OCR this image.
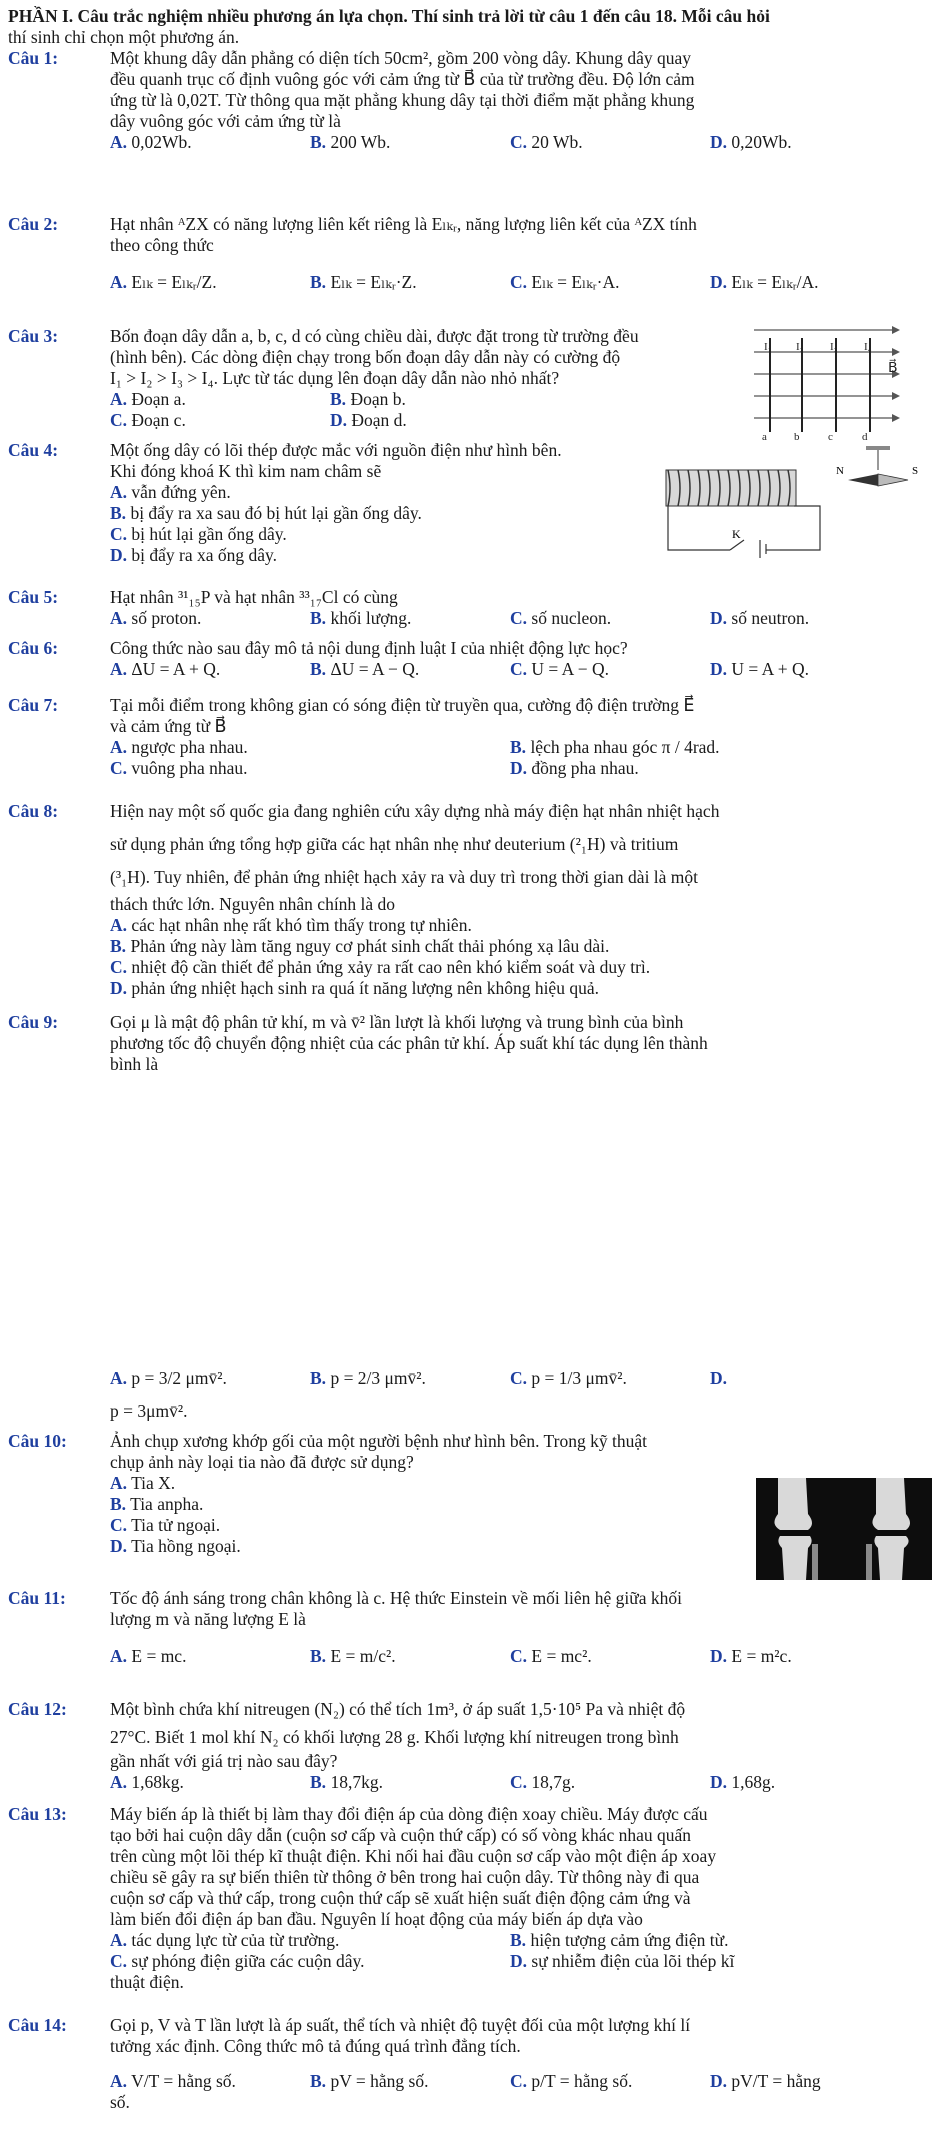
PHẦN I. Câu trắc nghiệm nhiều phương án lựa chọn. Thí sinh trả lời từ câu 1 đến câu 18. Mỗi câu hỏi
thí sinh chỉ chọn một phương án.
Câu 1:	Một khung dây dẫn phẳng có diện tích 50cm², gồm 200 vòng dây. Khung dây quay
đều quanh trục cố định vuông góc với cảm ứng từ B⃗ của từ trường đều. Độ lớn cảm
ứng từ là 0,02T. Từ thông qua mặt phẳng khung dây tại thời điểm mặt phẳng khung
dây vuông góc với cảm ứng từ là
A. 0,02Wb.	B. 200 Wb.	C. 20 Wb.	D. 0,20Wb.
Câu 2:	Hạt nhân ᴬZX có năng lượng liên kết riêng là Eₗₖᵣ, năng lượng liên kết của ᴬZX tính
theo công thức
A. Eₗₖ = Eₗₖᵣ/Z.	B. Eₗₖ = Eₗₖᵣ·Z.	C. Eₗₖ = Eₗₖᵣ·A.	D. Eₗₖ = Eₗₖᵣ/A.
Câu 3:	Bốn đoạn dây dẫn a, b, c, d có cùng chiều dài, được đặt trong từ trường đều
(hình bên). Các dòng điện chạy trong bốn đoạn dây dẫn này có cường độ
I₁ > I₂ > I₃ > I₄. Lực từ tác dụng lên đoạn dây dẫn nào nhỏ nhất?
A. Đoạn a.	B. Đoạn b.
C. Đoạn c.	D. Đoạn d.
I₁ I₂ I₃ I₄
B⃗
a b	c	d
Câu 4:	Một ống dây có lõi thép được mắc với nguồn điện như hình bên.
Khi đóng khoá K thì kim nam châm sẽ
A. vẫn đứng yên.
B. bị đẩy ra xa sau đó bị hút lại gần ống dây.
C. bị hút lại gần ống dây.
D. bị đẩy ra xa ống dây.
K
N	S
Câu 5:	Hạt nhân ³¹₁₅P và hạt nhân ³³₁₇Cl có cùng
A. số proton.	B. khối lượng.	C. số nucleon.	D. số neutron.
Câu 6:	Công thức nào sau đây mô tả nội dung định luật I của nhiệt động lực học?
A. ΔU = A + Q.	B. ΔU = A − Q.	C. U = A − Q.	D. U = A + Q.
Câu 7:	Tại mỗi điểm trong không gian có sóng điện từ truyền qua, cường độ điện trường E⃗
và cảm ứng từ B⃗
A. ngược pha nhau.	B. lệch pha nhau góc π / 4rad.
C. vuông pha nhau.	D. đồng pha nhau.
Câu 8:	Hiện nay một số quốc gia đang nghiên cứu xây dựng nhà máy điện hạt nhân nhiệt hạch
sử dụng phản ứng tổng hợp giữa các hạt nhân nhẹ như deuterium (²₁H) và tritium
(³₁H). Tuy nhiên, để phản ứng nhiệt hạch xảy ra và duy trì trong thời gian dài là một
thách thức lớn. Nguyên nhân chính là do
A. các hạt nhân nhẹ rất khó tìm thấy trong tự nhiên.
B. Phản ứng này làm tăng nguy cơ phát sinh chất thải phóng xạ lâu dài.
C. nhiệt độ cần thiết để phản ứng xảy ra rất cao nên khó kiểm soát và duy trì.
D. phản ứng nhiệt hạch sinh ra quá ít năng lượng nên không hiệu quả.
Câu 9:	Gọi μ là mật độ phân tử khí, m và v̄² lần lượt là khối lượng và trung bình của bình
phương tốc độ chuyển động nhiệt của các phân tử khí. Áp suất khí tác dụng lên thành
bình là
A. p = 3/2 μmv̄².	B. p = 2/3 μmv̄².	C. p = 1/3 μmv̄².	D.
p = 3μmv̄².
Câu 10: Ảnh chụp xương khớp gối của một người bệnh như hình bên. Trong kỹ thuật
chụp ảnh này loại tia nào đã được sử dụng?
A. Tia X.
B. Tia anpha.
C. Tia tử ngoại.
D. Tia hồng ngoại.
Câu 11:	Tốc độ ánh sáng trong chân không là c. Hệ thức Einstein về mối liên hệ giữa khối
lượng m và năng lượng E là
A. E = mc.	B. E = m/c².	C. E = mc².	D. E = m²c.
Câu 12: Một bình chứa khí nitreugen (N₂) có thể tích 1m³, ở áp suất 1,5·10⁵ Pa và nhiệt độ
27°C. Biết 1 mol khí N₂ có khối lượng 28 g. Khối lượng khí nitreugen trong bình
gần nhất với giá trị nào sau đây?
A. 1,68kg.	B. 18,7kg.	C. 18,7g.	D. 1,68g.
Câu 13: Máy biến áp là thiết bị làm thay đổi điện áp của dòng điện xoay chiều. Máy được cấu
tạo bởi hai cuộn dây dẫn (cuộn sơ cấp và cuộn thứ cấp) có số vòng khác nhau quấn
trên cùng một lõi thép kĩ thuật điện. Khi nối hai đầu cuộn sơ cấp vào một điện áp xoay
chiều sẽ gây ra sự biến thiên từ thông ở bên trong hai cuộn dây. Từ thông này đi qua
cuộn sơ cấp và thứ cấp, trong cuộn thứ cấp sẽ xuất hiện suất điện động cảm ứng và
làm biến đổi điện áp ban đầu. Nguyên lí hoạt động của máy biến áp dựa vào
A. tác dụng lực từ của từ trường.	B. hiện tượng cảm ứng điện từ.
C. sự phóng điện giữa các cuộn dây.	D. sự nhiễm điện của lõi thép kĩ
thuật điện.
Câu 14: Gọi p, V và T lần lượt là áp suất, thể tích và nhiệt độ tuyệt đối của một lượng khí lí
tưởng xác định. Công thức mô tả đúng quá trình đẳng tích.
A. V/T = hằng số.	B. pV = hằng số.	C. p/T = hằng số.	D. pV/T = hằng
số.
